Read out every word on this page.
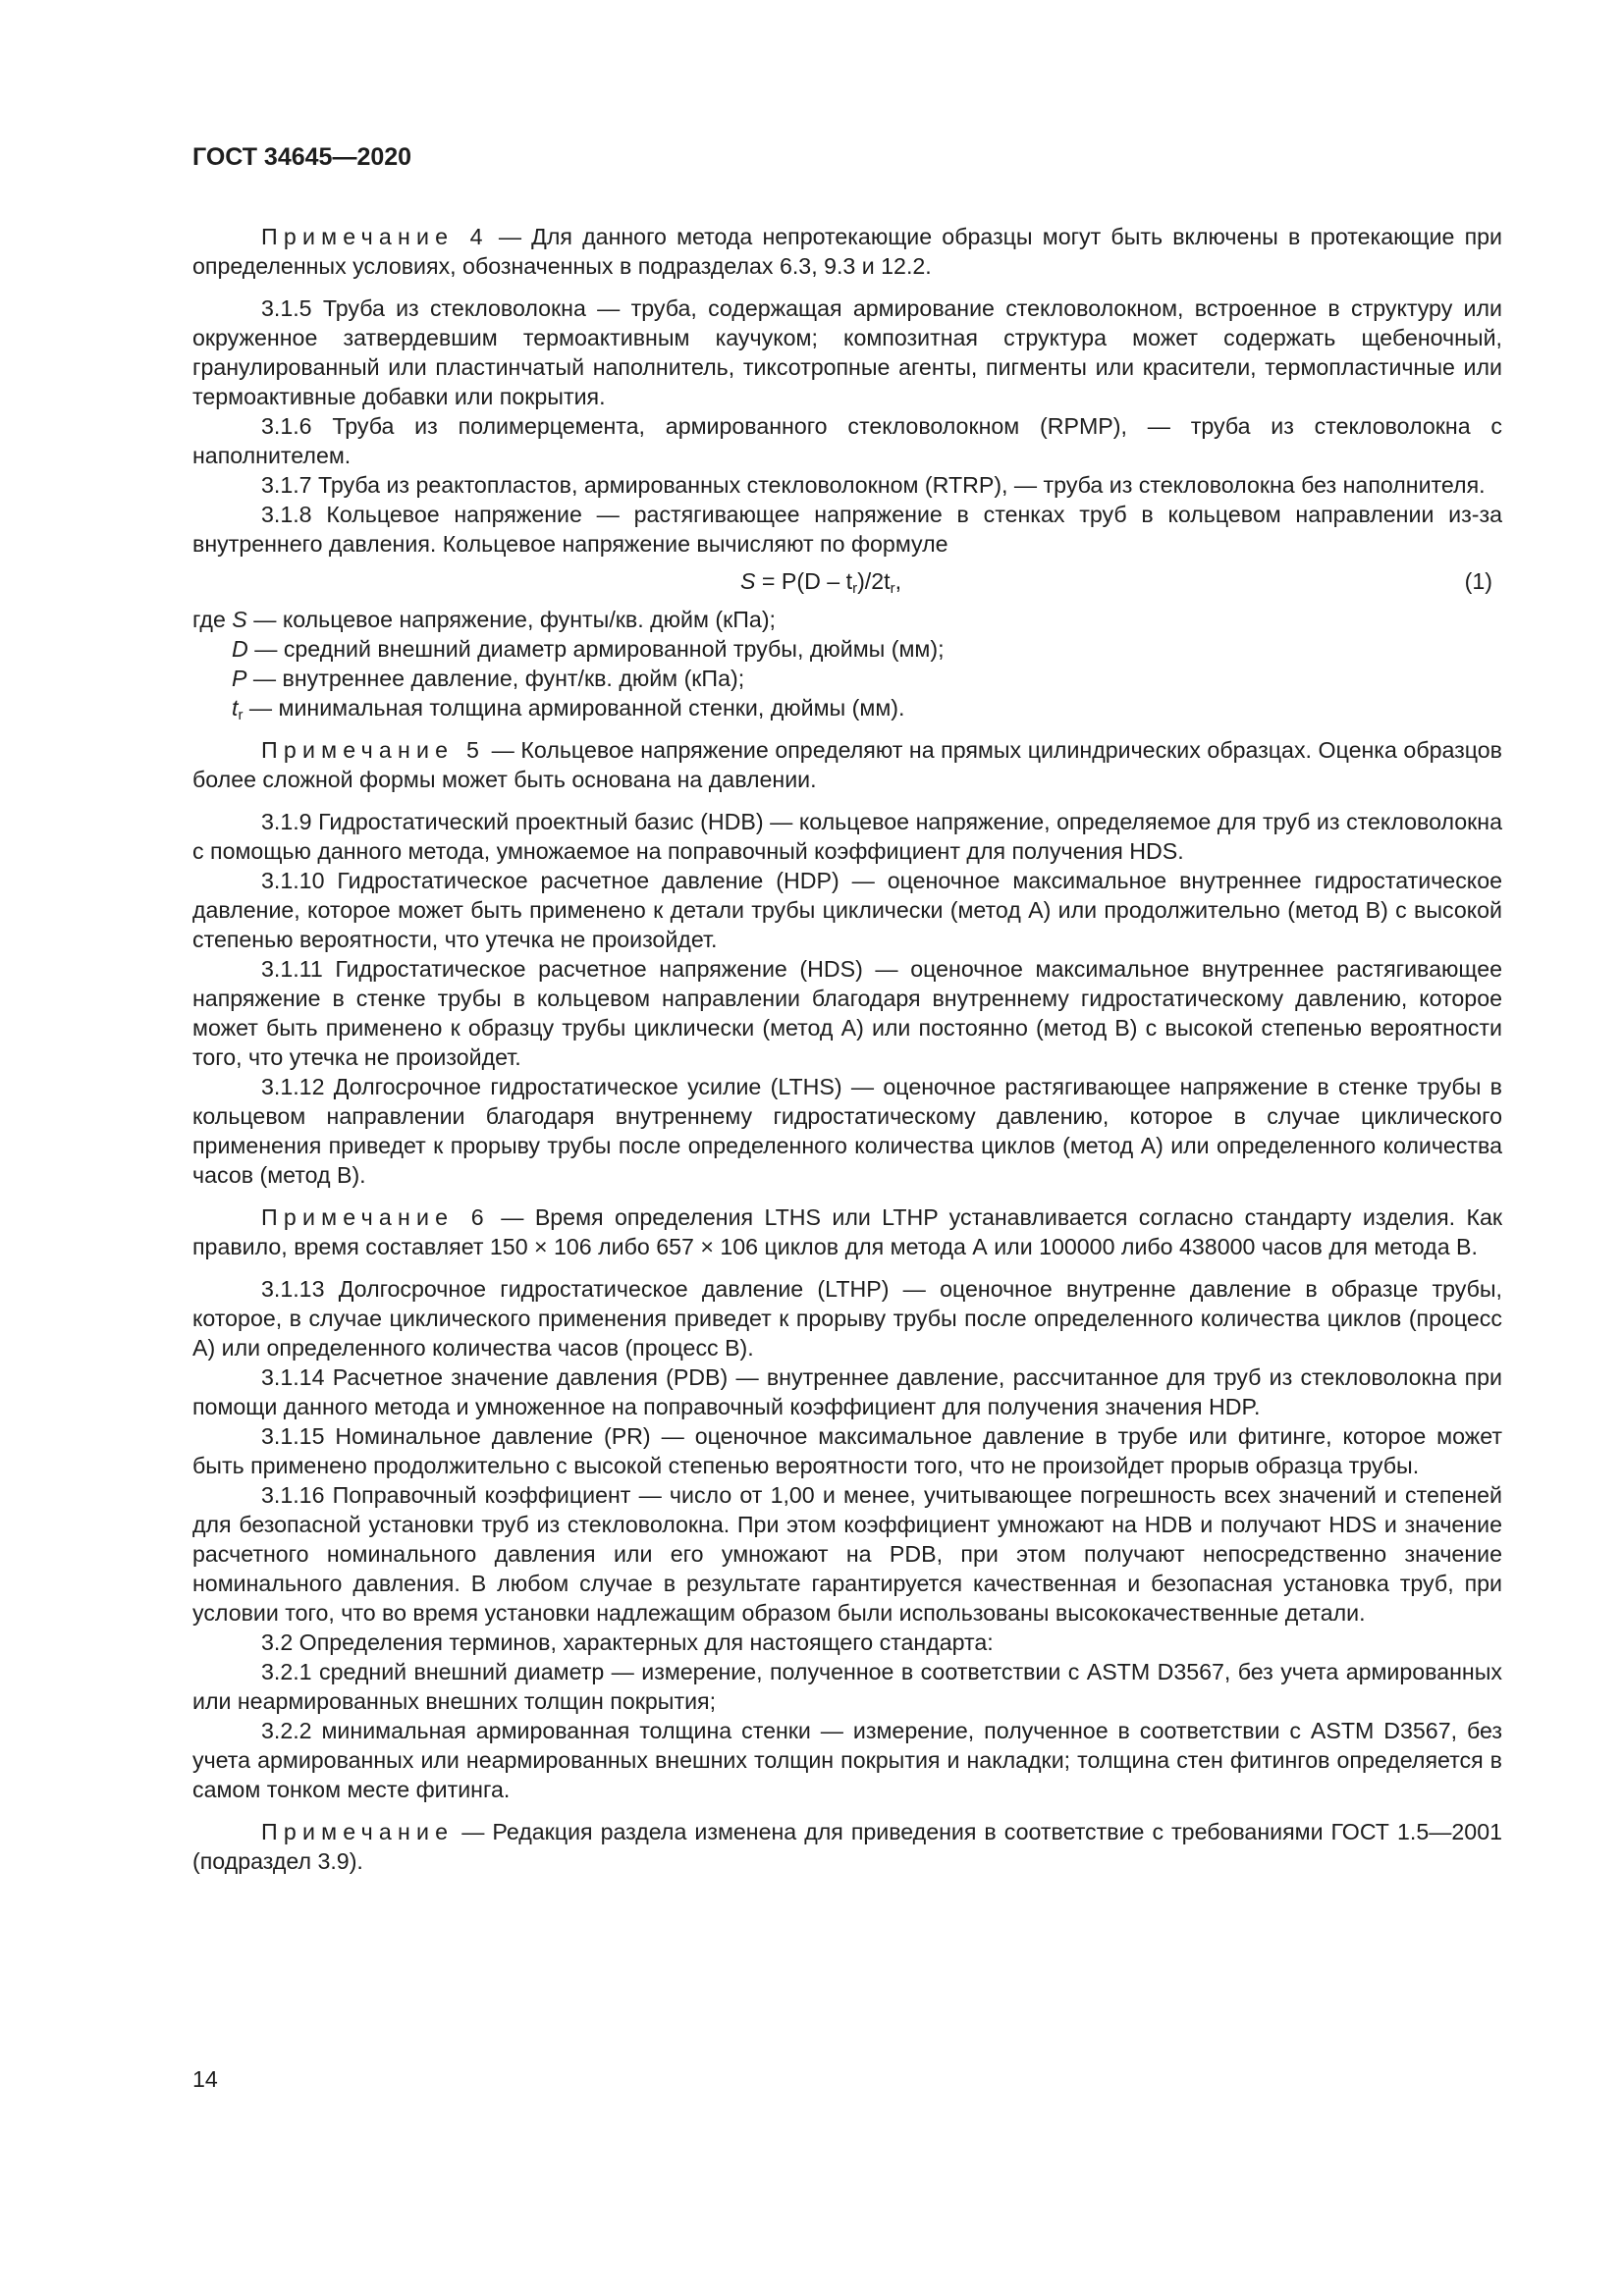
ГОСТ 34645—2020

Примечание 4 — Для данного метода непротекающие образцы могут быть включены в протекающие при определенных условиях, обозначенных в подразделах 6.3, 9.3 и 12.2.

3.1.5 Труба из стекловолокна — труба, содержащая армирование стекловолокном, встроенное в структуру или окруженное затвердевшим термоактивным каучуком; композитная структура может содержать щебеночный, гранулированный или пластинчатый наполнитель, тиксотропные агенты, пигменты или красители, термопластичные или термоактивные добавки или покрытия.

3.1.6 Труба из полимерцемента, армированного стекловолокном (RPMP), — труба из стекловолокна с наполнителем.

3.1.7 Труба из реактопластов, армированных стекловолокном (RTRP), — труба из стекловолокна без наполнителя.

3.1.8 Кольцевое напряжение — растягивающее напряжение в стенках труб в кольцевом направлении из-за внутреннего давления. Кольцевое напряжение вычисляют по формуле

$S = P(D - t_r)/2t_r$,	(1)
где S — кольцевое напряжение, фунты/кв. дюйм (кПа);
D — средний внешний диаметр армированной трубы, дюймы (мм);
P — внутреннее давление, фунт/кв. дюйм (кПа);
$t_r$ — минимальная толщина армированной стенки, дюймы (мм).

Примечание 5 — Кольцевое напряжение определяют на прямых цилиндрических образцах. Оценка образцов более сложной формы может быть основана на давлении.

3.1.9 Гидростатический проектный базис (HDB) — кольцевое напряжение, определяемое для труб из стекловолокна с помощью данного метода, умножаемое на поправочный коэффициент для получения HDS.

3.1.10 Гидростатическое расчетное давление (HDP) — оценочное максимальное внутреннее гидростатическое давление, которое может быть применено к детали трубы циклически (метод А) или продолжительно (метод В) с высокой степенью вероятности, что утечка не произойдет.

3.1.11 Гидростатическое расчетное напряжение (HDS) — оценочное максимальное внутреннее растягивающее напряжение в стенке трубы в кольцевом направлении благодаря внутреннему гидростатическому давлению, которое может быть применено к образцу трубы циклически (метод А) или постоянно (метод В) с высокой степенью вероятности того, что утечка не произойдет.

3.1.12 Долгосрочное гидростатическое усилие (LTHS) — оценочное растягивающее напряжение в стенке трубы в кольцевом направлении благодаря внутреннему гидростатическому давлению, которое в случае циклического применения приведет к прорыву трубы после определенного количества циклов (метод А) или определенного количества часов (метод В).

Примечание 6 — Время определения LTHS или LTHP устанавливается согласно стандарту изделия. Как правило, время составляет 150 × 106 либо 657 × 106 циклов для метода А или 100000 либо 438000 часов для метода В.

3.1.13 Долгосрочное гидростатическое давление (LTHP) — оценочное внутренне давление в образце трубы, которое, в случае циклического применения приведет к прорыву трубы после определенного количества циклов (процесс А) или определенного количества часов (процесс В).

3.1.14 Расчетное значение давления (PDB) — внутреннее давление, рассчитанное для труб из стекловолокна при помощи данного метода и умноженное на поправочный коэффициент для получения значения HDP.

3.1.15 Номинальное давление (PR) — оценочное максимальное давление в трубе или фитинге, которое может быть применено продолжительно с высокой степенью вероятности того, что не произойдет прорыв образца трубы.

3.1.16 Поправочный коэффициент — число от 1,00 и менее, учитывающее погрешность всех значений и степеней для безопасной установки труб из стекловолокна. При этом коэффициент умножают на HDB и получают HDS и значение расчетного номинального давления или его умножают на PDB, при этом получают непосредственно значение номинального давления. В любом случае в результате гарантируется качественная и безопасная установка труб, при условии того, что во время установки надлежащим образом были использованы высококачественные детали.

3.2 Определения терминов, характерных для настоящего стандарта:

3.2.1 средний внешний диаметр — измерение, полученное в соответствии с ASTM D3567, без учета армированных или неармированных внешних толщин покрытия;

3.2.2 минимальная армированная толщина стенки — измерение, полученное в соответствии с ASTM D3567, без учета армированных или неармированных внешних толщин покрытия и накладки; толщина стен фитингов определяется в самом тонком месте фитинга.

Примечание — Редакция раздела изменена для приведения в соответствие с требованиями ГОСТ 1.5—2001 (подраздел 3.9).

14
